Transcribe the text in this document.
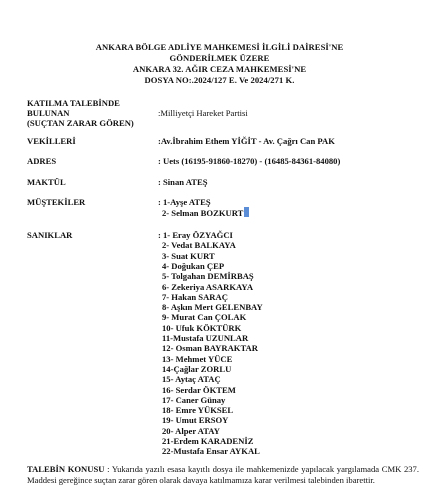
ANKARA BÖLGE ADLİYE MAHKEMESİ İLGİLİ DAİRESİ'NE
GÖNDERİLMEK ÜZERE
ANKARA 32. AĞIR CEZA MAHKEMESİ'NE
DOSYA NO:.2024/127 E. Ve 2024/271 K.
KATILMA TALEBİNDE
BULUNAN	:Milliyetçi Hareket Partisi
(SUÇTAN ZARAR GÖREN)
VEKİLLERİ	:Av.İbrahim Ethem YİĞİT - Av. Çağrı Can PAK
ADRES	: Uets (16195-91860-18270) - (16485-84361-84080)
MAKTÜL	: Sinan ATEŞ
MÜŞTEKİLER	: 1-Ayşe ATEŞ
2- Selman BOZKURT
SANIKLAR	: 1- Eray ÖZYAĞCI
2- Vedat BALKAYA
3- Suat KURT
4- Doğukan ÇEP
5- Tolgahan DEMİRBAŞ
6- Zekeriya ASARKAYA
7- Hakan SARAÇ
8- Aşkın Mert GELENBAY
9- Murat Can ÇOLAK
10- Ufuk KÖKTÜRK
11-Mustafa UZUNLAR
12- Osman BAYRAKTAR
13- Mehmet YÜCE
14-Çağlar ZORLU
15- Aytaç ATAÇ
16- Serdar ÖKTEM
17- Caner Günay
18- Emre YÜKSEL
19- Umut ERSOY
20- Alper ATAY
21-Erdem KARADENİZ
22-Mustafa Ensar AYKAL
TALEBİN KONUSU : Yukarıda yazılı esasa kayıtlı dosya ile mahkemenizde yapılacak yargılamada CMK 237. Maddesi gereğince suçtan zarar gören olarak davaya katılmamıza karar verilmesi talebinden ibarettir.
